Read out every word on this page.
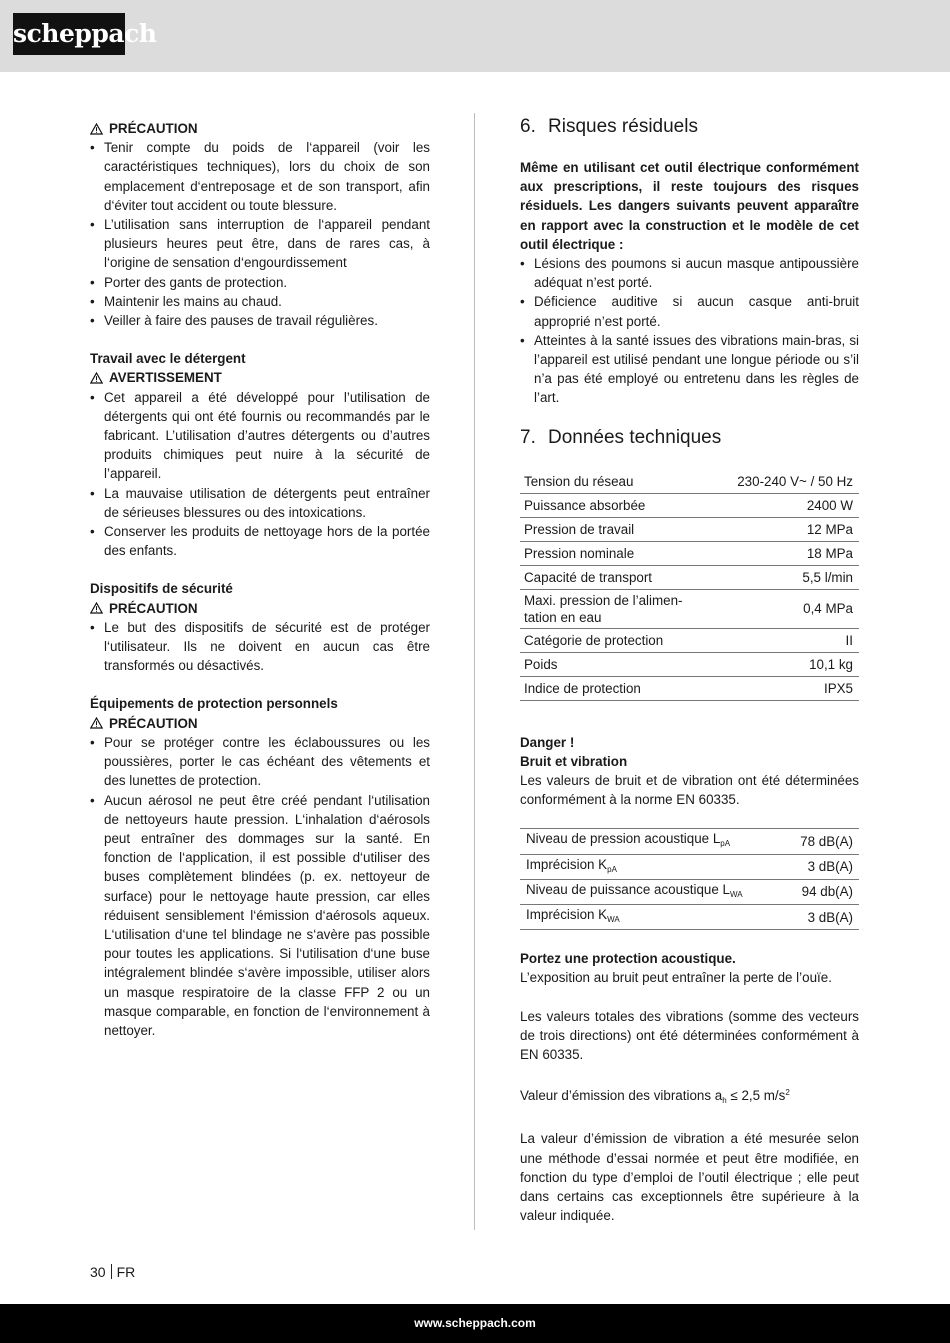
scheppach
PRÉCAUTION
• Tenir compte du poids de l‘appareil (voir les caractéristiques techniques), lors du choix de son emplacement d‘entreposage et de son transport, afin d‘éviter tout accident ou toute blessure.
• L’utilisation sans interruption de l‘appareil pendant plusieurs heures peut être, dans de rares cas, à l‘origine de sensation d‘engourdissement
• Porter des gants de protection.
• Maintenir les mains au chaud.
• Veiller à faire des pauses de travail régulières.
Travail avec le détergent
AVERTISSEMENT
• Cet appareil a été développé pour l’utilisation de détergents qui ont été fournis ou recommandés par le fabricant. L’utilisation d’autres détergents ou d’autres produits chimiques peut nuire à la sécurité de l’appareil.
• La mauvaise utilisation de détergents peut entraîner de sérieuses blessures ou des intoxications.
• Conserver les produits de nettoyage hors de la portée des enfants.
Dispositifs de sécurité
PRÉCAUTION
• Le but des dispositifs de sécurité est de protéger l‘utilisateur. Ils ne doivent en aucun cas être transformés ou désactivés.
Équipements de protection personnels
PRÉCAUTION
• Pour se protéger contre les éclaboussures ou les poussières, porter le cas échéant des vêtements et des lunettes de protection.
• Aucun aérosol ne peut être créé pendant l‘utilisation de nettoyeurs haute pression. L‘inhalation d‘aérosols peut entraîner des dommages sur la santé. En fonction de l‘application, il est possible d‘utiliser des buses complètement blindées (p. ex. nettoyeur de surface) pour le nettoyage haute pression, car elles réduisent sensiblement l‘émission d‘aérosols aqueux. L‘utilisation d‘une tel blindage ne s‘avère pas possible pour toutes les applications. Si l‘utilisation d‘une buse intégralement blindée s‘avère impossible, utiliser alors un masque respiratoire de la classe FFP 2 ou un masque comparable, en fonction de l‘environnement à nettoyer.
6. Risques résiduels
Même en utilisant cet outil électrique conformément aux prescriptions, il reste toujours des risques résiduels. Les dangers suivants peuvent apparaître en rapport avec la construction et le modèle de cet outil électrique :
• Lésions des poumons si aucun masque antipoussière adéquat n’est porté.
• Déficience auditive si aucun casque anti-bruit approprié n’est porté.
• Atteintes à la santé issues des vibrations main-bras, si l’appareil est utilisé pendant une longue période ou s’il n’a pas été employé ou entretenu dans les règles de l’art.
7. Données techniques
Tension du réseau	230-240 V~ / 50 Hz
Puissance absorbée	2400 W
Pression de travail	12 MPa
Pression nominale	18 MPa
Capacité de transport	5,5 l/min
Maxi. pression de l’alimen- tation en eau	0,4 MPa
Catégorie de protection	II
Poids	10,1 kg
Indice de protection	IPX5
Danger !
Bruit et vibration
Les valeurs de bruit et de vibration ont été déterminées conformément à la norme EN 60335.
Niveau de pression acoustique $L_{pA}$	78 dB(A)
Imprécision $K_{pA}$	3 dB(A)
Niveau de puissance acoustique $L_{WA}$	94 db(A)
Imprécision $K_{WA}$	3 dB(A)
Portez une protection acoustique.
L’exposition au bruit peut entraîner la perte de l’ouïe.
Les valeurs totales des vibrations (somme des vecteurs de trois directions) ont été déterminées conformément à EN 60335.
Valeur d’émission des vibrations $a_h \le 2,5$ $m/s^2$
La valeur d’émission de vibration a été mesurée selon une méthode d’essai normée et peut être modifiée, en fonction du type d’emploi de l’outil électrique ; elle peut dans certains cas exceptionnels être supérieure à la valeur indiquée.
30 FR
www.scheppach.com
